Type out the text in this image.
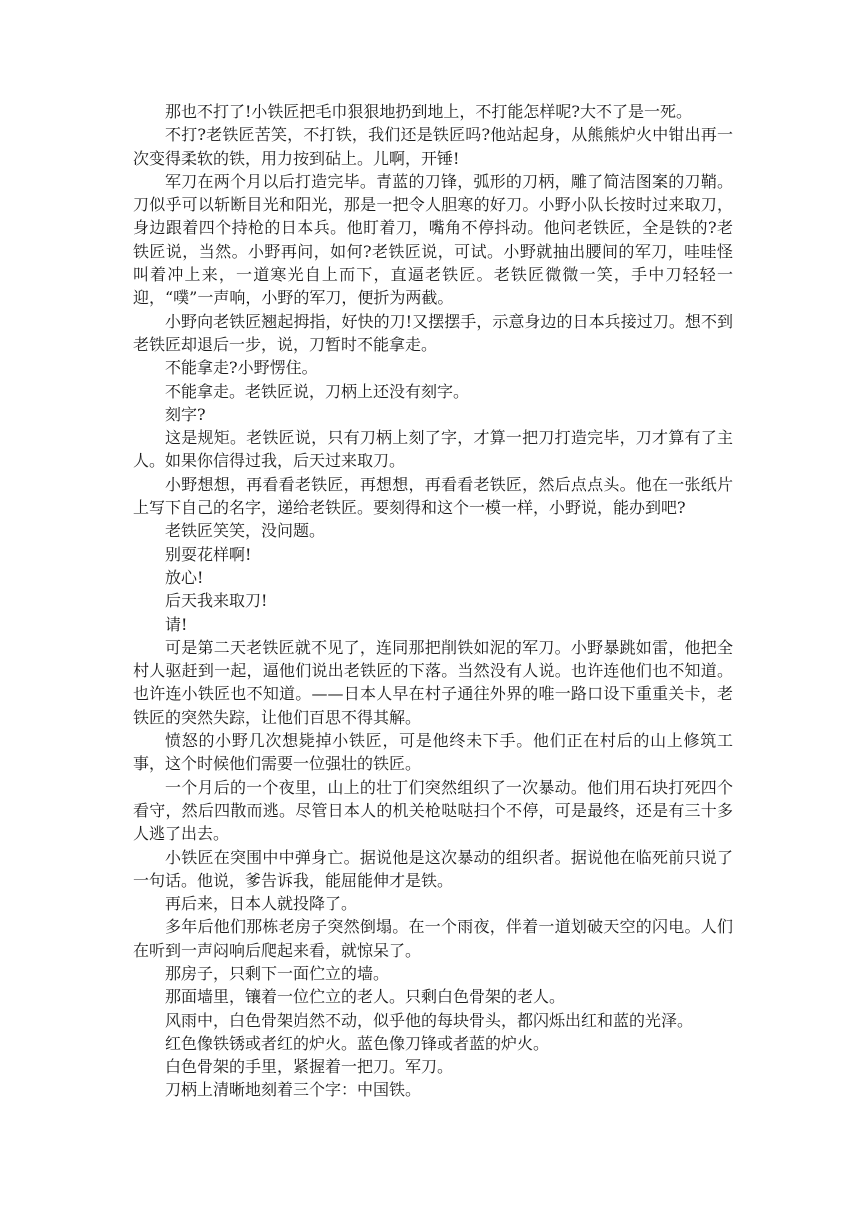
那也不打了!小铁匠把毛巾狠狠地扔到地上，不打能怎样呢?大不了是一死。

不打?老铁匠苦笑，不打铁，我们还是铁匠吗?他站起身，从熊熊炉火中钳出再一次变得柔软的铁，用力按到砧上。儿啊，开锤!

军刀在两个月以后打造完毕。青蓝的刀锋，弧形的刀柄，雕了简洁图案的刀鞘。刀似乎可以斩断目光和阳光，那是一把令人胆寒的好刀。小野小队长按时过来取刀，身边跟着四个持枪的日本兵。他盯着刀，嘴角不停抖动。他问老铁匠，全是铁的?老铁匠说，当然。小野再问，如何?老铁匠说，可试。小野就抽出腰间的军刀，哇哇怪叫着冲上来，一道寒光自上而下，直逼老铁匠。老铁匠微微一笑，手中刀轻轻一迎，“噗”一声响，小野的军刀，便折为两截。

小野向老铁匠翘起拇指，好快的刀!又摆摆手，示意身边的日本兵接过刀。想不到老铁匠却退后一步，说，刀暂时不能拿走。

不能拿走?小野愣住。

不能拿走。老铁匠说，刀柄上还没有刻字。

刻字?

这是规矩。老铁匠说，只有刀柄上刻了字，才算一把刀打造完毕，刀才算有了主人。如果你信得过我，后天过来取刀。

小野想想，再看看老铁匠，再想想，再看看老铁匠，然后点点头。他在一张纸片上写下自己的名字，递给老铁匠。要刻得和这个一模一样，小野说，能办到吧?

老铁匠笑笑，没问题。

别耍花样啊!

放心!

后天我来取刀!

请!

可是第二天老铁匠就不见了，连同那把削铁如泥的军刀。小野暴跳如雷，他把全村人驱赶到一起，逼他们说出老铁匠的下落。当然没有人说。也许连他们也不知道。也许连小铁匠也不知道。——日本人早在村子通往外界的唯一路口设下重重关卡，老铁匠的突然失踪，让他们百思不得其解。

愤怒的小野几次想毙掉小铁匠，可是他终未下手。他们正在村后的山上修筑工事，这个时候他们需要一位强壮的铁匠。

一个月后的一个夜里，山上的壮丁们突然组织了一次暴动。他们用石块打死四个看守，然后四散而逃。尽管日本人的机关枪哒哒扫个不停，可是最终，还是有三十多人逃了出去。

小铁匠在突围中中弹身亡。据说他是这次暴动的组织者。据说他在临死前只说了一句话。他说，爹告诉我，能屈能伸才是铁。

再后来，日本人就投降了。

多年后他们那栋老房子突然倒塌。在一个雨夜，伴着一道划破天空的闪电。人们在听到一声闷响后爬起来看，就惊呆了。

那房子，只剩下一面伫立的墙。

那面墙里，镶着一位伫立的老人。只剩白色骨架的老人。

风雨中，白色骨架岿然不动，似乎他的每块骨头，都闪烁出红和蓝的光泽。

红色像铁锈或者红的炉火。蓝色像刀锋或者蓝的炉火。

白色骨架的手里，紧握着一把刀。军刀。

刀柄上清晰地刻着三个字：中国铁。
